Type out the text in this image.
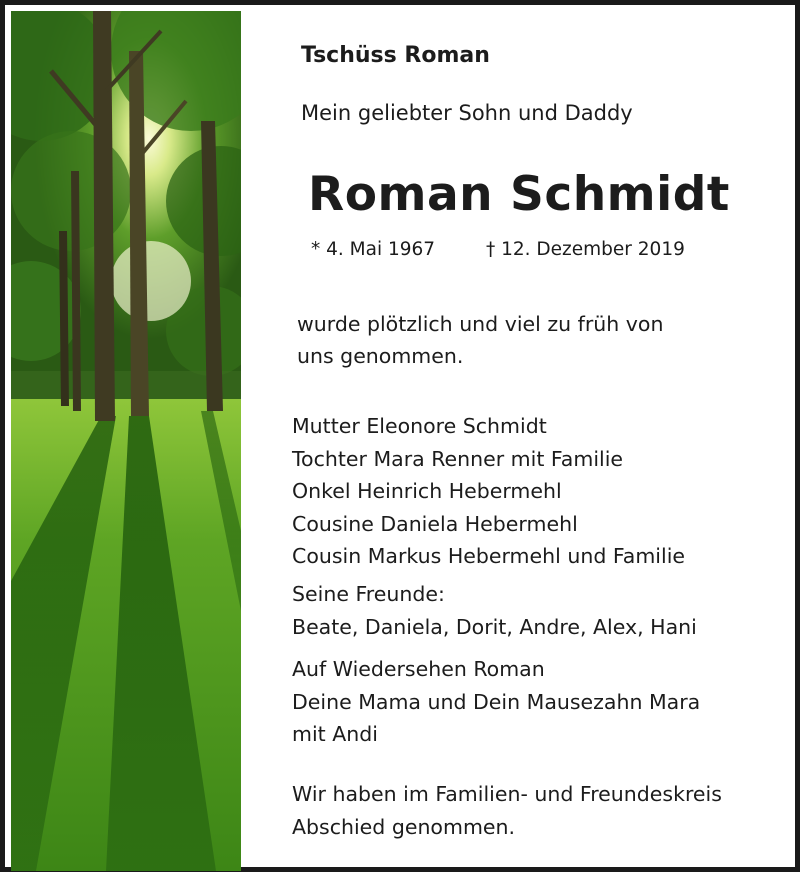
Tschüss Roman
Mein geliebter Sohn und Daddy
Roman Schmidt
* 4. Mai 1967	† 12. Dezember 2019
wurde plötzlich und viel zu früh von
uns genommen.
Mutter Eleonore Schmidt
Tochter Mara Renner mit Familie
Onkel Heinrich Hebermehl
Cousine Daniela Hebermehl
Cousin Markus Hebermehl und Familie
Seine Freunde:
Beate, Daniela, Dorit, Andre, Alex, Hani
Auf Wiedersehen Roman
Deine Mama und Dein Mausezahn Mara
mit Andi
Wir haben im Familien- und Freundeskreis
Abschied genommen.
